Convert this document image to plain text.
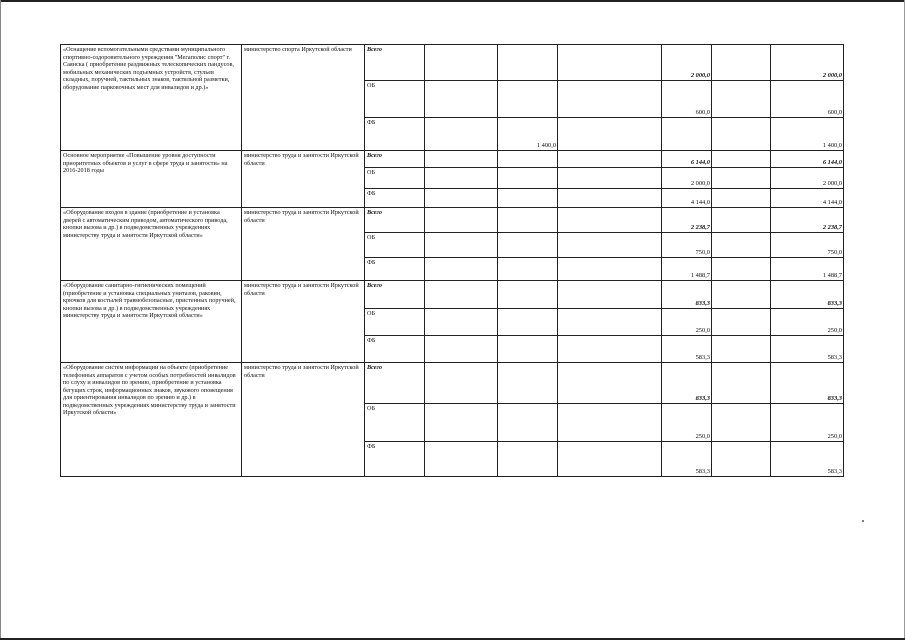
«Оснащение вспомогательными средствами муниципального спортивно-оздоровительного учреждения "Мегаполис спорт" г. Саянска ( приобретение раздвижных телескопических пандусов, мобильных механических подъемных устройств, стульев складных, поручней, тактильных знаков, тактильной разметки, оборудование парковочных мест для инвалидов и др.)»	министерство спорта Иркутской области	Всего				2 000,0		2 000,0
		ОБ				600,0		600,0
		ФБ		1 400,0				1 400,0
Основное мероприятие «Повышение уровня доступности приоритетных объектов и услуг в сфере труда и занятости» на 2016-2018 годы	министерство труда и занятости Иркутской области	Всего				6 144,0		6 144,0
		ОБ				2 000,0		2 000,0
		ФБ				4 144,0		4 144,0
«Оборудование входов в здание (приобретение и установка дверей с автоматическим приводом, автоматического привода, кнопки вызова и др.) в подведомственных учреждениях министерству труда и занятости Иркутской области»	министерство труда и занятости Иркутской области	Всего				2 238,7		2 238,7
		ОБ				750,0		750,0
		ФБ				1 488,7		1 488,7
«Оборудование санитарно-гигиенических помещений (приобретение и установка специальных унитазов, раковин, крючков для костылей травмобезопасные, пристенных поручней, кнопки вызова и др.) в подведомственных учреждениях министерству труда и занятости Иркутской области»	министерство труда и занятости Иркутской области	Всего				833,3		833,3
		ОБ				250,0		250,0
		ФБ				583,3		583,3
«Оборудование систем информации на объекте (приобретение телефонных аппаратов с учетом особых потребностей инвалидов по слуху и инвалидов по зрению, приобретение и установка бегущих строк, информационных знаков, звукового оповещения для ориентирования инвалидов по зрению и др.) в подведомственных учреждениях министерству труда и занятости Иркутской области»	министерство труда и занятости Иркутской области	Всего				833,3		833,3
		ОБ				250,0		250,0
		ФБ				583,3		583,3
